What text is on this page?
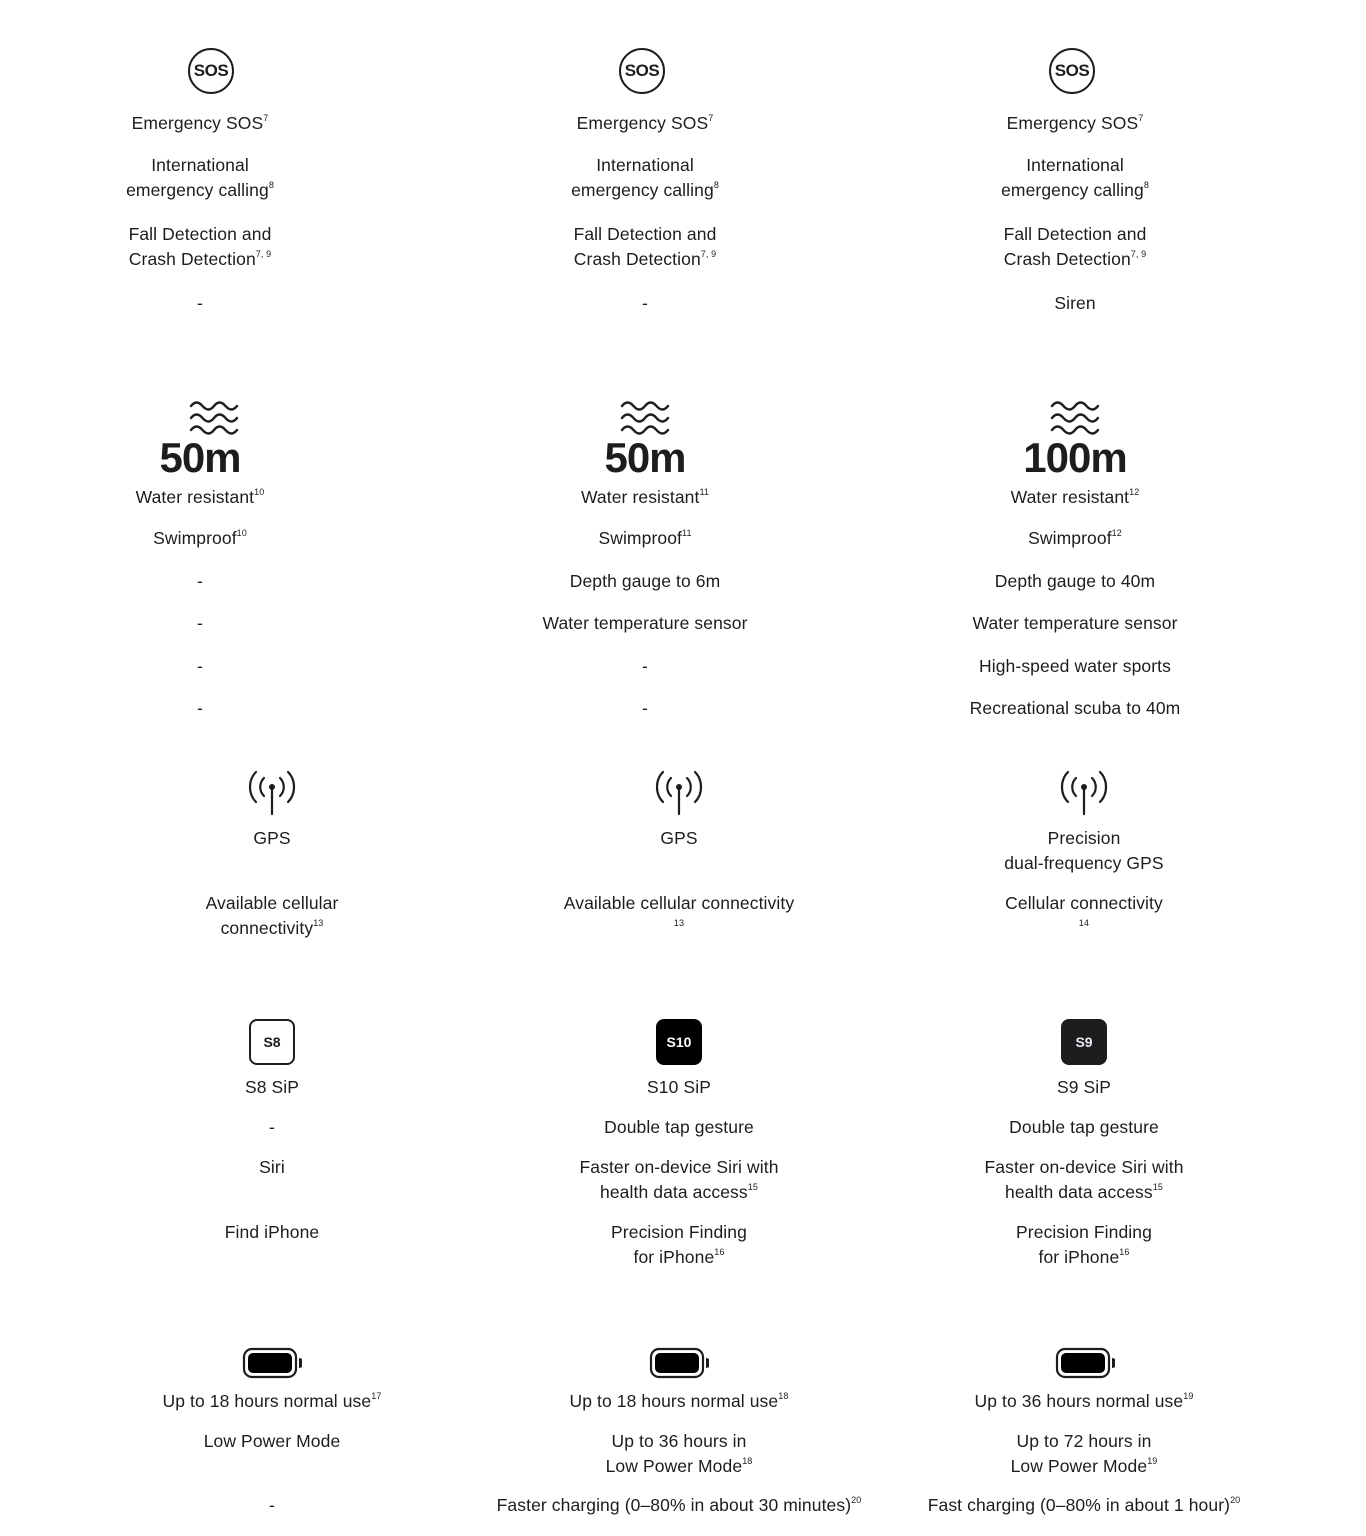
SOS
Emergency SOS$^7$
International
emergency calling$^8$
Fall Detection and
Crash Detection$^{7, 9}$
-
50m
Water resistant$^{10}$
Swimproof$^{10}$
-
-
-
-
GPS

Available cellular
connectivity$^{13}$
S8
S8 SiP
-
Siri

Find iPhone

Up to 18 hours normal use$^{17}$
Low Power Mode

-
SOS
Emergency SOS$^7$
International
emergency calling$^8$
Fall Detection and
Crash Detection$^{7, 9}$
-
50m
Water resistant$^{11}$
Swimproof$^{11}$
Depth gauge to 6m
Water temperature sensor
-
-
GPS

Available cellular connectivity
$^{13}$
S10
S10 SiP
Double tap gesture
Faster on-device Siri with
health data access$^{15}$
Precision Finding
for iPhone$^{16}$
Up to 18 hours normal use$^{18}$
Up to 36 hours in
Low Power Mode$^{18}$
Faster charging (0–80% in about 30 minutes)$^{20}$
SOS
Emergency SOS$^7$
International
emergency calling$^8$
Fall Detection and
Crash Detection$^{7, 9}$
Siren
100m
Water resistant$^{12}$
Swimproof$^{12}$
Depth gauge to 40m
Water temperature sensor
High-speed water sports
Recreational scuba to 40m
Precision
dual-frequency GPS
Cellular connectivity
$^{14}$
S9
S9 SiP
Double tap gesture
Faster on-device Siri with
health data access$^{15}$
Precision Finding
for iPhone$^{16}$
Up to 36 hours normal use$^{19}$
Up to 72 hours in
Low Power Mode$^{19}$
Fast charging (0–80% in about 1 hour)$^{20}$
